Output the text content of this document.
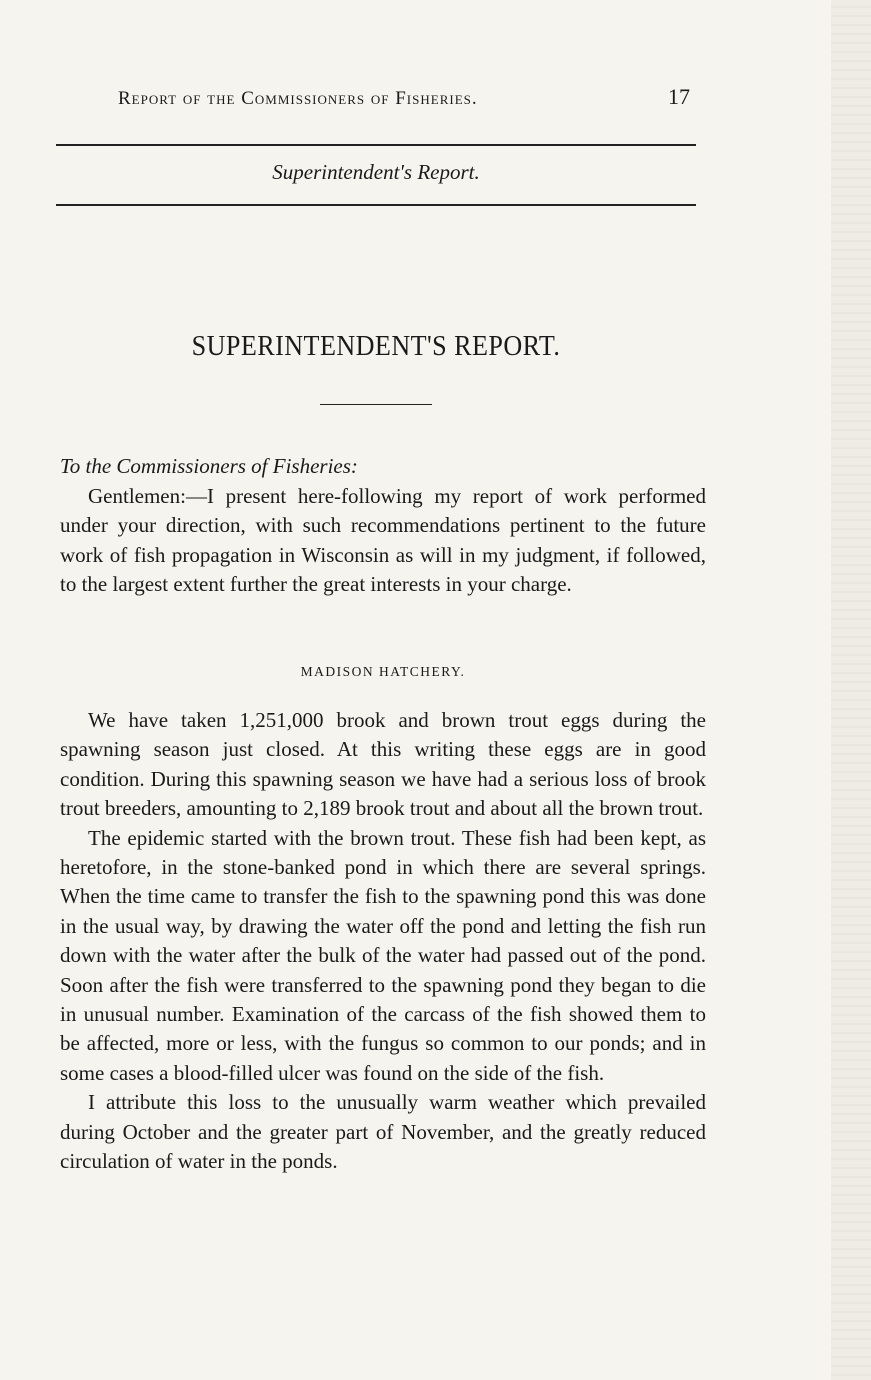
Report of the Commissioners of Fisheries.	17
Superintendent's Report.
SUPERINTENDENT'S REPORT.
To the Commissioners of Fisheries:

Gentlemen:—I present here-following my report of work performed under your direction, with such recommendations pertinent to the future work of fish propagation in Wisconsin as will in my judgment, if followed, to the largest extent further the great interests in your charge.

MADISON HATCHERY.

We have taken 1,251,000 brook and brown trout eggs during the spawning season just closed. At this writing these eggs are in good condition. During this spawning season we have had a serious loss of brook trout breeders, amounting to 2,189 brook trout and about all the brown trout.

The epidemic started with the brown trout. These fish had been kept, as heretofore, in the stone-banked pond in which there are several springs. When the time came to transfer the fish to the spawning pond this was done in the usual way, by drawing the water off the pond and letting the fish run down with the water after the bulk of the water had passed out of the pond. Soon after the fish were transferred to the spawning pond they began to die in unusual number. Examination of the carcass of the fish showed them to be affected, more or less, with the fungus so common to our ponds; and in some cases a blood-filled ulcer was found on the side of the fish.

I attribute this loss to the unusually warm weather which prevailed during October and the greater part of November, and the greatly reduced circulation of water in the ponds.
